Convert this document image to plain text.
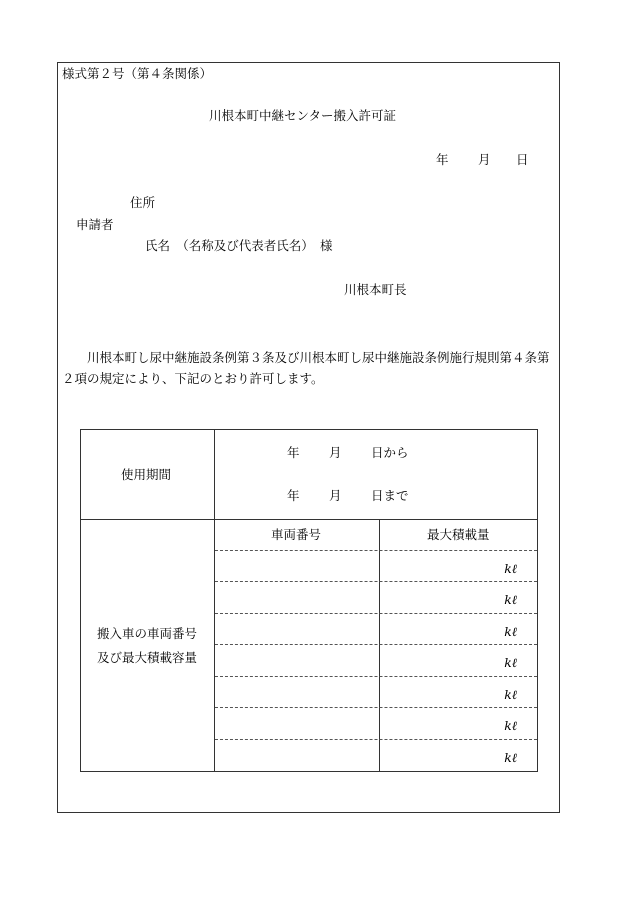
様式第２号（第４条関係）
川根本町中継センター搬入許可証
年 月 日
住所
申請者
氏名　（名称及び代表者氏名）　様
川根本町長
川根本町し尿中継施設条例第３条及び川根本町し尿中継施設条例施行規則第４条第２項の規定により、下記のとおり許可します。
使用期間
年 月 日から
年 月 日まで
搬入車の車両番号
及び最大積載容量
車両番号	最大積載量
kℓ
kℓ
kℓ
kℓ
kℓ
kℓ
kℓ
